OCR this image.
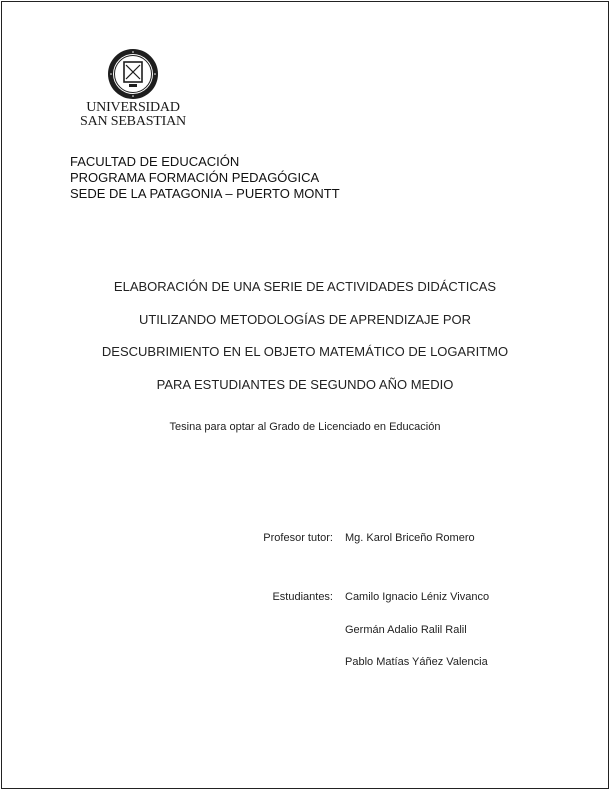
UNIVERSIDAD
SAN SEBASTIAN
FACULTAD DE EDUCACIÓN
PROGRAMA FORMACIÓN PEDAGÓGICA
SEDE DE LA PATAGONIA – PUERTO MONTT
ELABORACIÓN DE UNA SERIE DE ACTIVIDADES DIDÁCTICAS
UTILIZANDO METODOLOGÍAS DE APRENDIZAJE POR
DESCUBRIMIENTO EN EL OBJETO MATEMÁTICO DE LOGARITMO
PARA ESTUDIANTES DE SEGUNDO AÑO MEDIO
Tesina para optar al Grado de Licenciado en Educación
Profesor tutor: Mg. Karol Briceño Romero
Estudiantes: Camilo Ignacio Léniz Vivanco
Germán Adalio Ralil Ralil
Pablo Matías Yáñez Valencia
